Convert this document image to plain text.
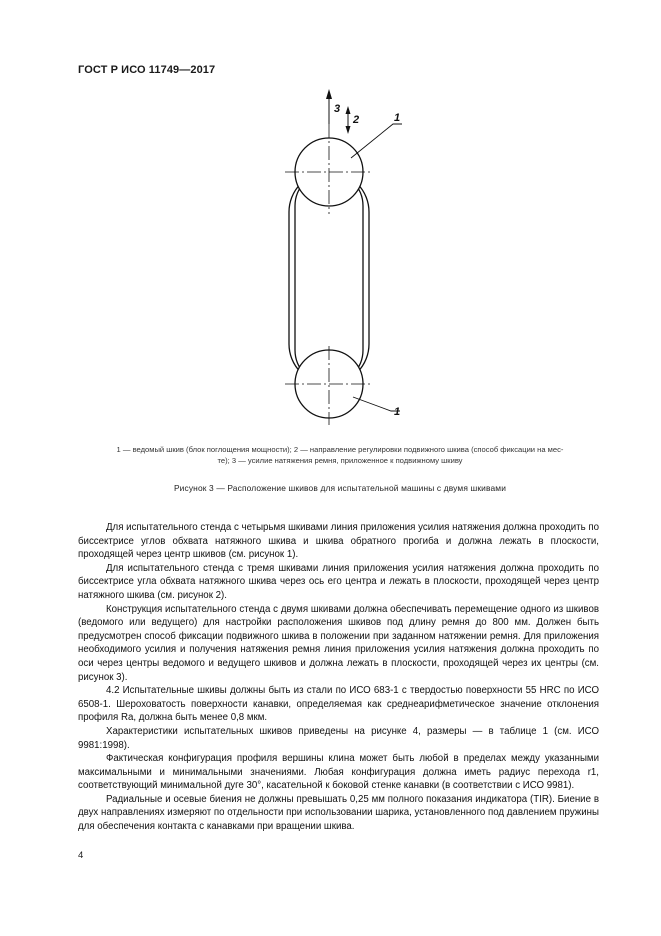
ГОСТ Р ИСО 11749—2017
3
2	1
1
1 — ведомый шкив (блок поглощения мощности); 2 — направление регулировки подвижного шкива (способ фиксации на мес-
те); 3 — усилие натяжения ремня, приложенное к подвижному шкиву
Рисунок 3 — Расположение шкивов для испытательной машины с двумя шкивами

Для испытательного стенда с четырьмя шкивами линия приложения усилия натяжения должна проходить по биссектрисе углов обхвата натяжного шкива и шкива обратного прогиба и должна лежать в плоскости, проходящей через центр шкивов (см. рисунок 1).

Для испытательного стенда с тремя шкивами линия приложения усилия натяжения должна проходить по биссектрисе угла обхвата натяжного шкива через ось его центра и лежать в плоскости, проходящей через центр натяжного шкива (см. рисунок 2).

Конструкция испытательного стенда с двумя шкивами должна обеспечивать перемещение одного из шкивов (ведомого или ведущего) для настройки расположения шкивов под длину ремня до 800 мм. Должен быть предусмотрен способ фиксации подвижного шкива в положении при заданном натяжении ремня. Для приложения необходимого усилия и получения натяжения ремня линия приложения усилия натяжения должна проходить по оси через центры ведомого и ведущего шкивов и должна лежать в плоскости, проходящей через их центры (см. рисунок 3).

4.2 Испытательные шкивы должны быть из стали по ИСО 683-1 с твердостью поверхности 55 HRC по ИСО 6508-1. Шероховатость поверхности канавки, определяемая как среднеарифметическое значение отклонения профиля Ra, должна быть менее 0,8 мкм.

Характеристики испытательных шкивов приведены на рисунке 4, размеры — в таблице 1 (см. ИСО 9981:1998).

Фактическая конфигурация профиля вершины клина может быть любой в пределах между указанными максимальными и минимальными значениями. Любая конфигурация должна иметь радиус перехода r1, соответствующий минимальной дуге 30°, касательной к боковой стенке канавки (в соответствии с ИСО 9981).

Радиальные и осевые биения не должны превышать 0,25 мм полного показания индикатора (TIR). Биение в двух направлениях измеряют по отдельности при использовании шарика, установленного под давлением пружины для обеспечения контакта с канавками при вращении шкива.

4
